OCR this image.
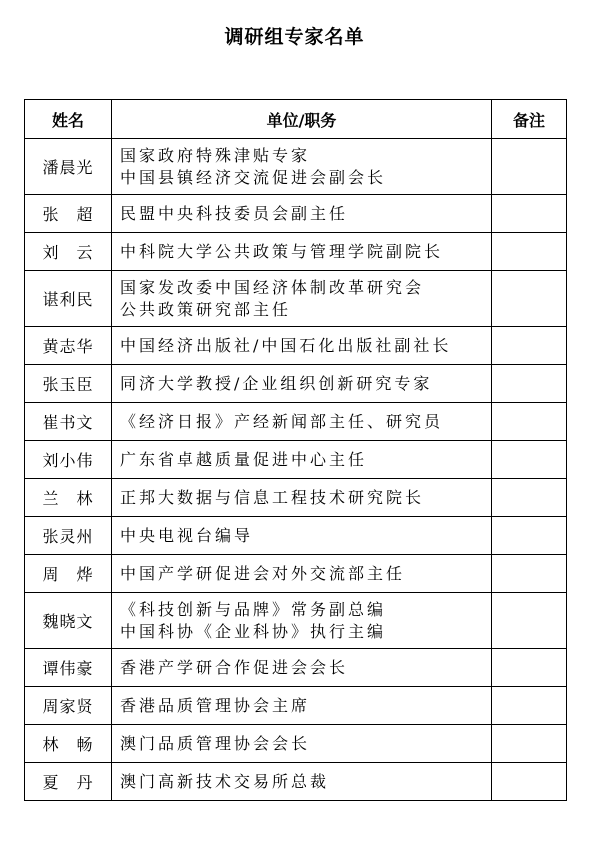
调研组专家名单
姓名	单位/职务	备注
潘晨光	国家政府特殊津贴专家
中国县镇经济交流促进会副会长	

张　超	民盟中央科技委员会副主任	

刘　云	中科院大学公共政策与管理学院副院长	

谌利民	国家发改委中国经济体制改革研究会
公共政策研究部主任	

黄志华	中国经济出版社/中国石化出版社副社长	

张玉臣	同济大学教授/企业组织创新研究专家	

崔书文	《经济日报》产经新闻部主任、研究员	

刘小伟	广东省卓越质量促进中心主任	

兰　林	正邦大数据与信息工程技术研究院长	

张灵州	中央电视台编导	

周　烨	中国产学研促进会对外交流部主任	

魏晓文	《科技创新与品牌》常务副总编
中国科协《企业科协》执行主编	

谭伟豪	香港产学研合作促进会会长	

周家贤	香港品质管理协会主席	

林　畅	澳门品质管理协会会长	

夏　丹	澳门高新技术交易所总裁	
